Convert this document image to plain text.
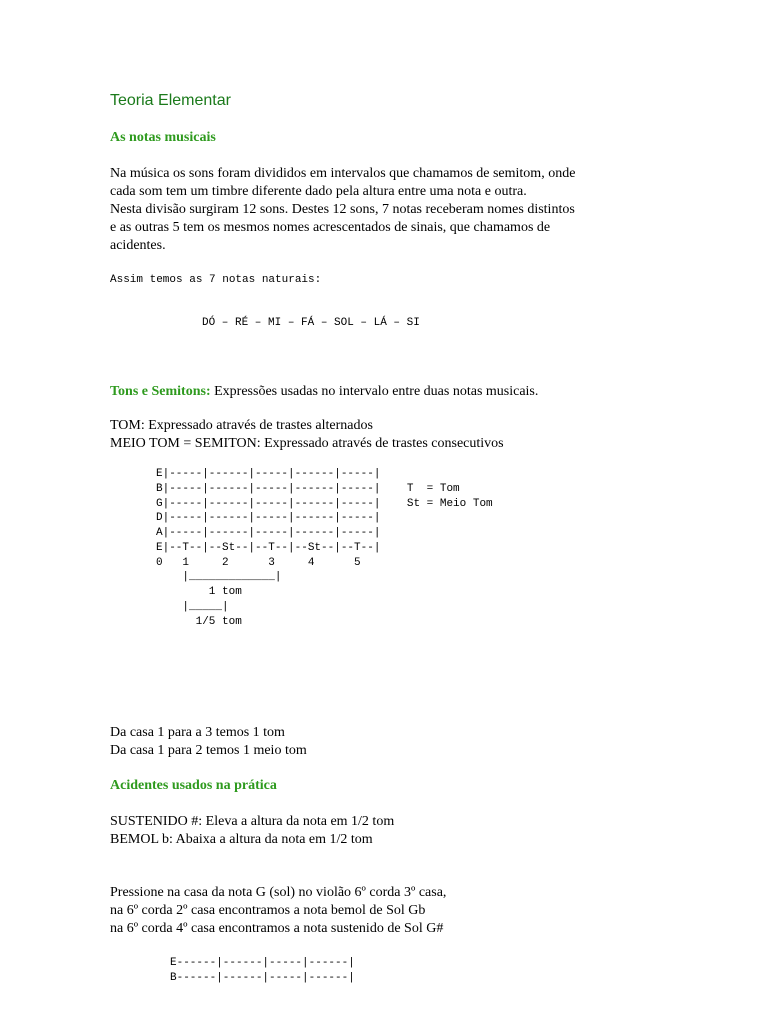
Teoria Elementar
As notas musicais
Na música os sons foram divididos em intervalos que chamamos de semitom, onde
cada som tem um timbre diferente dado pela altura entre uma nota e outra.
Nesta divisão surgiram 12 sons. Destes 12 sons, 7 notas receberam nomes distintos
e as outras 5 tem os mesmos nomes acrescentados de sinais, que chamamos de
acidentes.
Assim temos as 7 notas naturais:
DÓ – RÉ – MI – FÁ – SOL – LÁ – SI
Tons e Semitons: Expressões usadas no intervalo entre duas notas musicais.
TOM: Expressado através de trastes alternados
MEIO TOM = SEMITON: Expressado através de trastes consecutivos
E|-----|------|-----|------|-----|
B|-----|------|-----|------|-----|    T  = Tom
G|-----|------|-----|------|-----|    St = Meio Tom
D|-----|------|-----|------|-----|
A|-----|------|-----|------|-----|
E|--T--|--St--|--T--|--St--|--T--|
0   1     2      3     4      5
|_____________|
1 tom
|_____|
1/5 tom
Da casa 1 para a 3 temos 1 tom
Da casa 1 para 2 temos 1 meio tom
Acidentes usados na prática
SUSTENIDO #: Eleva a altura da nota em 1/2 tom
BEMOL b: Abaixa a altura da nota em 1/2 tom
Pressione na casa da nota G (sol) no violão 6º corda 3º casa,
na 6º corda 2º casa encontramos a nota bemol de Sol Gb
na 6º corda 4º casa encontramos a nota sustenido de Sol G#
E------|------|-----|------|
B------|------|-----|------|
